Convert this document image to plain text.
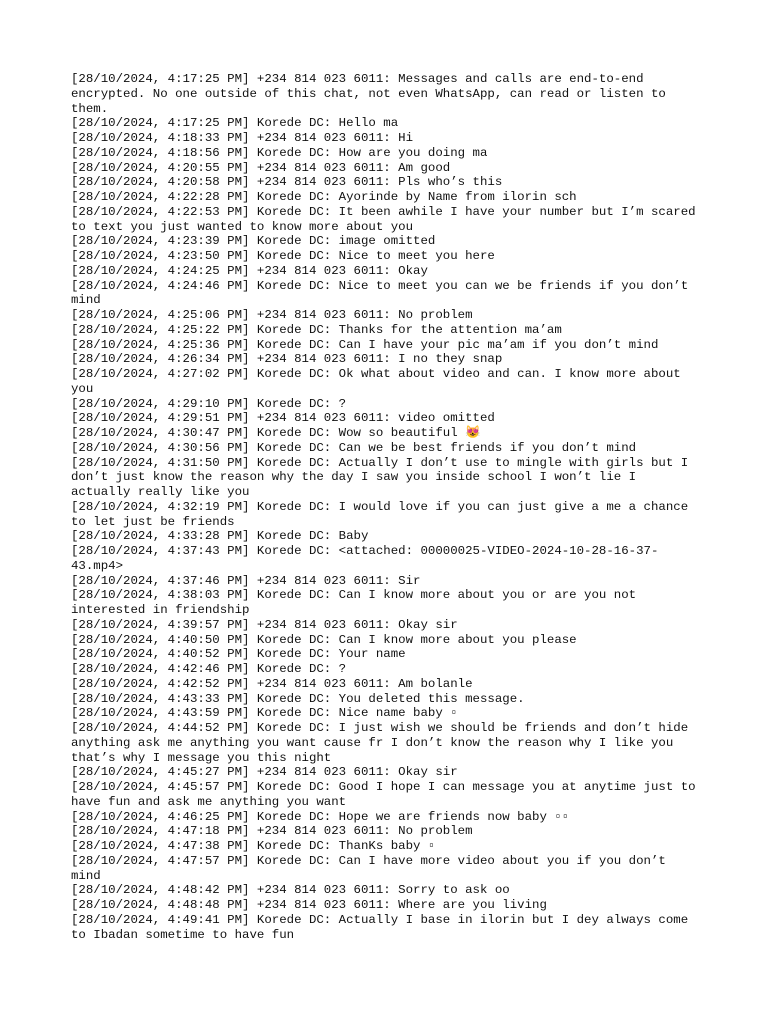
[28/10/2024, 4:17:25 PM] +234 814 023 6011: Messages and calls are end-to-end encrypted. No one outside of this chat, not even WhatsApp, can read or listen to them.
[28/10/2024, 4:17:25 PM] Korede DC: Hello ma
[28/10/2024, 4:18:33 PM] +234 814 023 6011: Hi
[28/10/2024, 4:18:56 PM] Korede DC: How are you doing ma
[28/10/2024, 4:20:55 PM] +234 814 023 6011: Am good
[28/10/2024, 4:20:58 PM] +234 814 023 6011: Pls who’s this
[28/10/2024, 4:22:28 PM] Korede DC: Ayorinde by Name from ilorin sch
[28/10/2024, 4:22:53 PM] Korede DC: It been awhile I have your number but I’m scared to text you just wanted to know more about you
[28/10/2024, 4:23:39 PM] Korede DC: image omitted
[28/10/2024, 4:23:50 PM] Korede DC: Nice to meet you here
[28/10/2024, 4:24:25 PM] +234 814 023 6011: Okay
[28/10/2024, 4:24:46 PM] Korede DC: Nice to meet you can we be friends if you don’t mind
[28/10/2024, 4:25:06 PM] +234 814 023 6011: No problem
[28/10/2024, 4:25:22 PM] Korede DC: Thanks for the attention ma’am
[28/10/2024, 4:25:36 PM] Korede DC: Can I have your pic ma’am if you don’t mind
[28/10/2024, 4:26:34 PM] +234 814 023 6011: I no they snap
[28/10/2024, 4:27:02 PM] Korede DC: Ok what about video and can. I know more about you
[28/10/2024, 4:29:10 PM] Korede DC: ?
[28/10/2024, 4:29:51 PM] +234 814 023 6011: video omitted
[28/10/2024, 4:30:47 PM] Korede DC: Wow so beautiful 😻
[28/10/2024, 4:30:56 PM] Korede DC: Can we be best friends if you don’t mind
[28/10/2024, 4:31:50 PM] Korede DC: Actually I don’t use to mingle with girls but I don’t just know the reason why the day I saw you inside school I won’t lie I actually really like you
[28/10/2024, 4:32:19 PM] Korede DC: I would love if you can just give a me a chance to let just be friends
[28/10/2024, 4:33:28 PM] Korede DC: Baby
[28/10/2024, 4:37:43 PM] Korede DC: <attached: 00000025-VIDEO-2024-10-28-16-37-43.mp4>
[28/10/2024, 4:37:46 PM] +234 814 023 6011: Sir
[28/10/2024, 4:38:03 PM] Korede DC: Can I know more about you or are you not interested in friendship
[28/10/2024, 4:39:57 PM] +234 814 023 6011: Okay sir
[28/10/2024, 4:40:50 PM] Korede DC: Can I know more about you please
[28/10/2024, 4:40:52 PM] Korede DC: Your name
[28/10/2024, 4:42:46 PM] Korede DC: ?
[28/10/2024, 4:42:52 PM] +234 814 023 6011: Am bolanle
[28/10/2024, 4:43:33 PM] Korede DC: You deleted this message.
[28/10/2024, 4:43:59 PM] Korede DC: Nice name baby ▫
[28/10/2024, 4:44:52 PM] Korede DC: I just wish we should be friends and don’t hide anything ask me anything you want cause fr I don’t know the reason why I like you that’s why I message you this night
[28/10/2024, 4:45:27 PM] +234 814 023 6011: Okay sir
[28/10/2024, 4:45:57 PM] Korede DC: Good I hope I can message you at anytime just to have fun and ask me anything you want
[28/10/2024, 4:46:25 PM] Korede DC: Hope we are friends now baby ▫▫
[28/10/2024, 4:47:18 PM] +234 814 023 6011: No problem
[28/10/2024, 4:47:38 PM] Korede DC: ThanKs baby ▫
[28/10/2024, 4:47:57 PM] Korede DC: Can I have more video about you if you don’t mind
[28/10/2024, 4:48:42 PM] +234 814 023 6011: Sorry to ask oo
[28/10/2024, 4:48:48 PM] +234 814 023 6011: Where are you living
[28/10/2024, 4:49:41 PM] Korede DC: Actually I base in ilorin but I dey always come to Ibadan sometime to have fun
